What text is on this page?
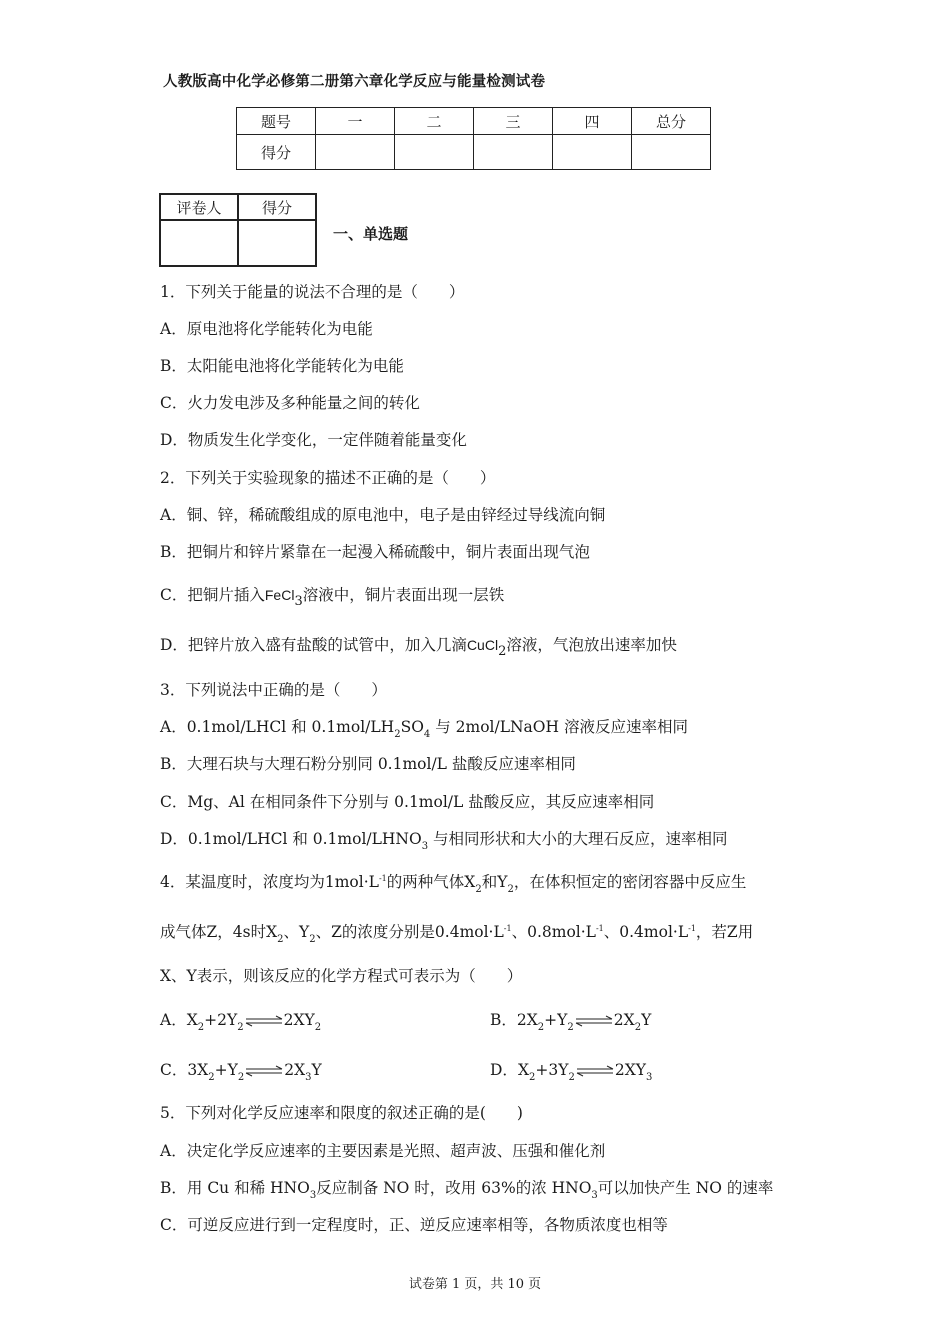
人教版高中化学必修第二册第六章化学反应与能量检测试卷
题号	一	二	三	四	总分
得分					
评卷人	得分

一、单选题
1．下列关于能量的说法不合理的是（　　）
A．原电池将化学能转化为电能
B．太阳能电池将化学能转化为电能
C．火力发电涉及多种能量之间的转化
D．物质发生化学变化，一定伴随着能量变化
2．下列关于实验现象的描述不正确的是（　　）
A．铜、锌，稀硫酸组成的原电池中，电子是由锌经过导线流向铜
B．把铜片和锌片紧靠在一起漫入稀硫酸中，铜片表面出现气泡
C．把铜片插入FeCl$_3$溶液中，铜片表面出现一层铁
D．把锌片放入盛有盐酸的试管中，加入几滴CuCl$_2$溶液，气泡放出速率加快
3．下列说法中正确的是（　　）
A．0.1mol/LHCl 和 $0.1mol/LH_2SO_4$ 与 2mol/LNaOH 溶液反应速率相同
B．大理石块与大理石粉分别同 0.1mol/L 盐酸反应速率相同
C．Mg、Al 在相同条件下分别与 0.1mol/L 盐酸反应，其反应速率相同
D．0.1mol/LHCl 和 $0.1mol/LHNO_3$ 与相同形状和大小的大理石反应，速率相同
4．某温度时，浓度均为$1mol\cdot L^{-1}$的两种气体$X_2$和$Y_2$，在体积恒定的密闭容器中反应生
成气体Z，4s时$X_2$、$Y_2$、Z的浓度分别是$0.4mol\cdot L^{-1}$、$0.8mol\cdot L^{-1}$、$0.4mol\cdot L^{-1}$，若Z用
X、Y表示，则该反应的化学方程式可表示为（　　）
A．$X_2+2Y_2$ $\rightleftharpoons 2XY_2$	B．$2X_2+Y_2$ $\rightleftharpoons 2X_2Y$
C．$3X_2+Y_2$ $\rightleftharpoons 2X_3Y$	D．$X_2+3Y_2$ $\rightleftharpoons 2XY_3$
5．下列对化学反应速率和限度的叙述正确的是(　　)
A．决定化学反应速率的主要因素是光照、超声波、压强和催化剂
B．用 Cu 和稀 $HNO_3$反应制备 NO 时，改用 63%的浓 $HNO_3$可以加快产生 NO 的速率
C．可逆反应进行到一定程度时，正、逆反应速率相等，各物质浓度也相等
试卷第 1 页，共 10 页
